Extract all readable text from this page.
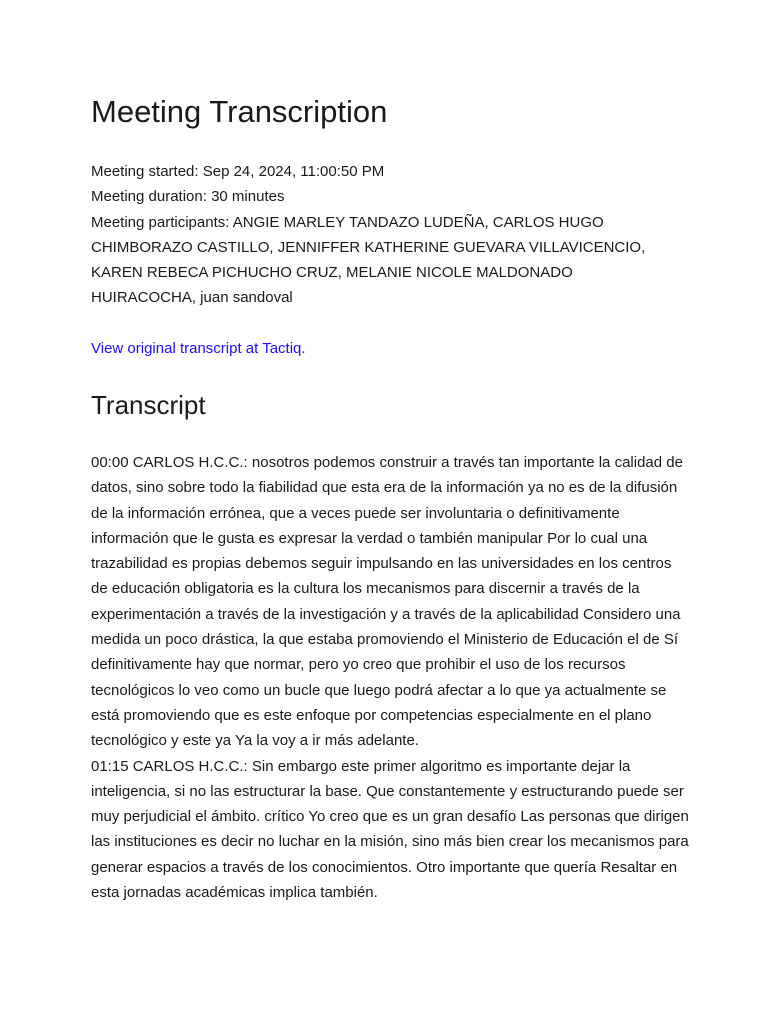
Meeting Transcription

Meeting started: Sep 24, 2024, 11:00:50 PM

Meeting duration: 30 minutes

Meeting participants: ANGIE MARLEY TANDAZO LUDEÑA, CARLOS HUGO CHIMBORAZO CASTILLO, JENNIFFER KATHERINE GUEVARA VILLAVICENCIO, KAREN REBECA PICHUCHO CRUZ, MELANIE NICOLE MALDONADO HUIRACOCHA, juan sandoval

View original transcript at Tactiq.
Transcript

00:00 CARLOS H.C.C.: nosotros podemos construir a través tan importante la calidad de datos, sino sobre todo la fiabilidad que esta era de la información ya no es de la difusión de la información errónea, que a veces puede ser involuntaria o definitivamente información que le gusta es expresar la verdad o también manipular Por lo cual una trazabilidad es propias debemos seguir impulsando en las universidades en los centros de educación obligatoria es la cultura los mecanismos para discernir a través de la experimentación a través de la investigación y a través de la aplicabilidad Considero una medida un poco drástica, la que estaba promoviendo el Ministerio de Educación el de Sí definitivamente hay que normar, pero yo creo que prohibir el uso de los recursos tecnológicos lo veo como un bucle que luego podrá afectar a lo que ya actualmente se está promoviendo que es este enfoque por competencias especialmente en el plano tecnológico y este ya Ya la voy a ir más adelante.

01:15 CARLOS H.C.C.: Sin embargo este primer algoritmo es importante dejar la inteligencia, si no las estructurar la base. Que constantemente y estructurando puede ser muy perjudicial el ámbito. crítico Yo creo que es un gran desafío Las personas que dirigen las instituciones es decir no luchar en la misión, sino más bien crear los mecanismos para generar espacios a través de los conocimientos. Otro importante que quería Resaltar en esta jornadas académicas implica también.
